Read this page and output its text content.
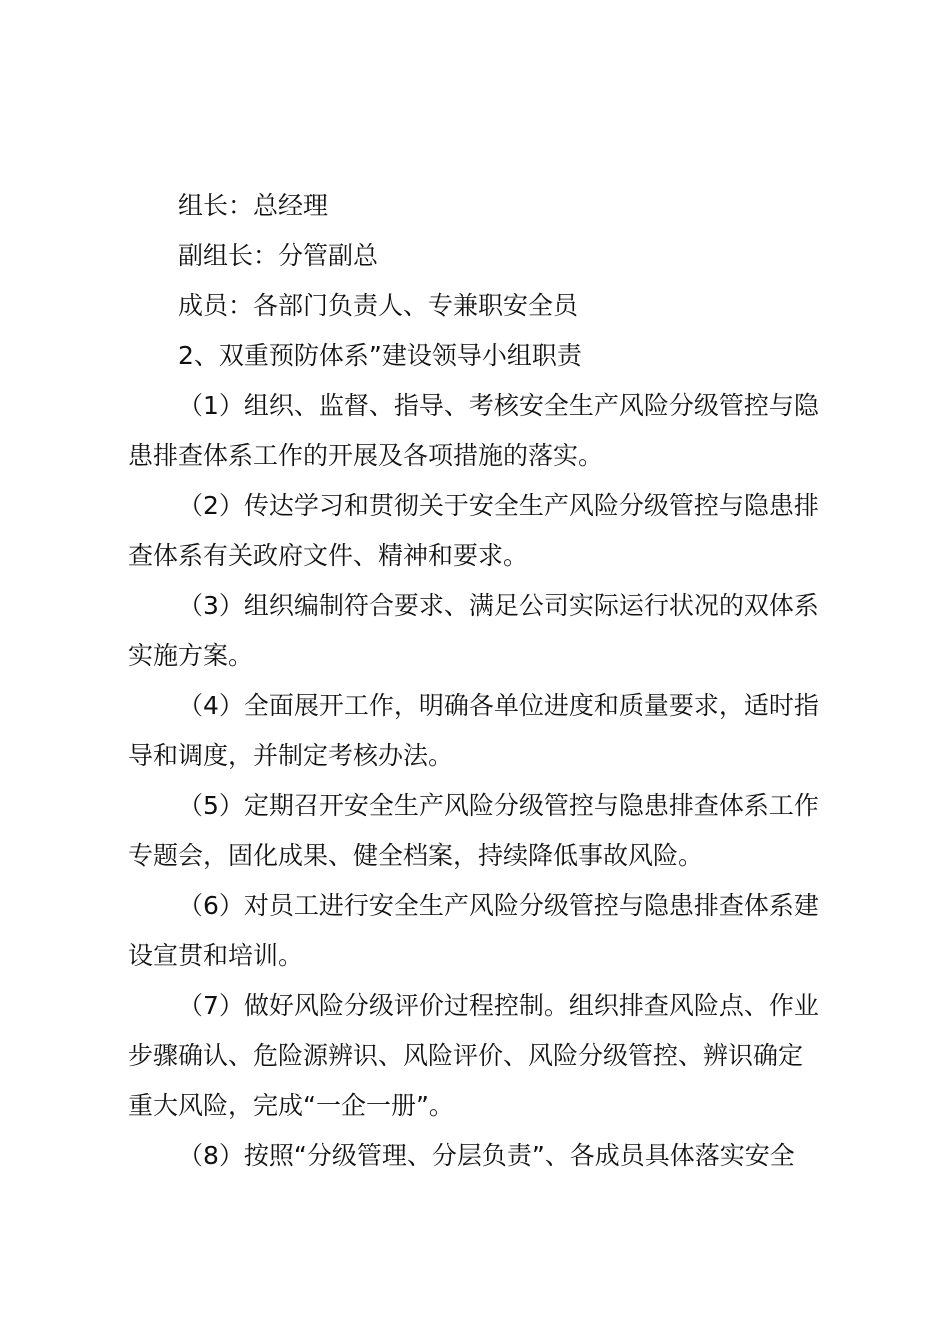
组长：总经理
副组长：分管副总
成员：各部门负责人、专兼职安全员
2、双重预防体系”建设领导小组职责
（1）组织、监督、指导、考核安全生产风险分级管控与隐
患排查体系工作的开展及各项措施的落实。
（2）传达学习和贯彻关于安全生产风险分级管控与隐患排
查体系有关政府文件、精神和要求。
（3）组织编制符合要求、满足公司实际运行状况的双体系
实施方案。
（4）全面展开工作，明确各单位进度和质量要求，适时指
导和调度，并制定考核办法。
（5）定期召开安全生产风险分级管控与隐患排查体系工作
专题会，固化成果、健全档案，持续降低事故风险。
（6）对员工进行安全生产风险分级管控与隐患排查体系建
设宣贯和培训。
（7）做好风险分级评价过程控制。组织排查风险点、作业
步骤确认、危险源辨识、风险评价、风险分级管控、辨识确定
重大风险，完成“一企一册”。
（8）按照“分级管理、分层负责”、各成员具体落实安全
